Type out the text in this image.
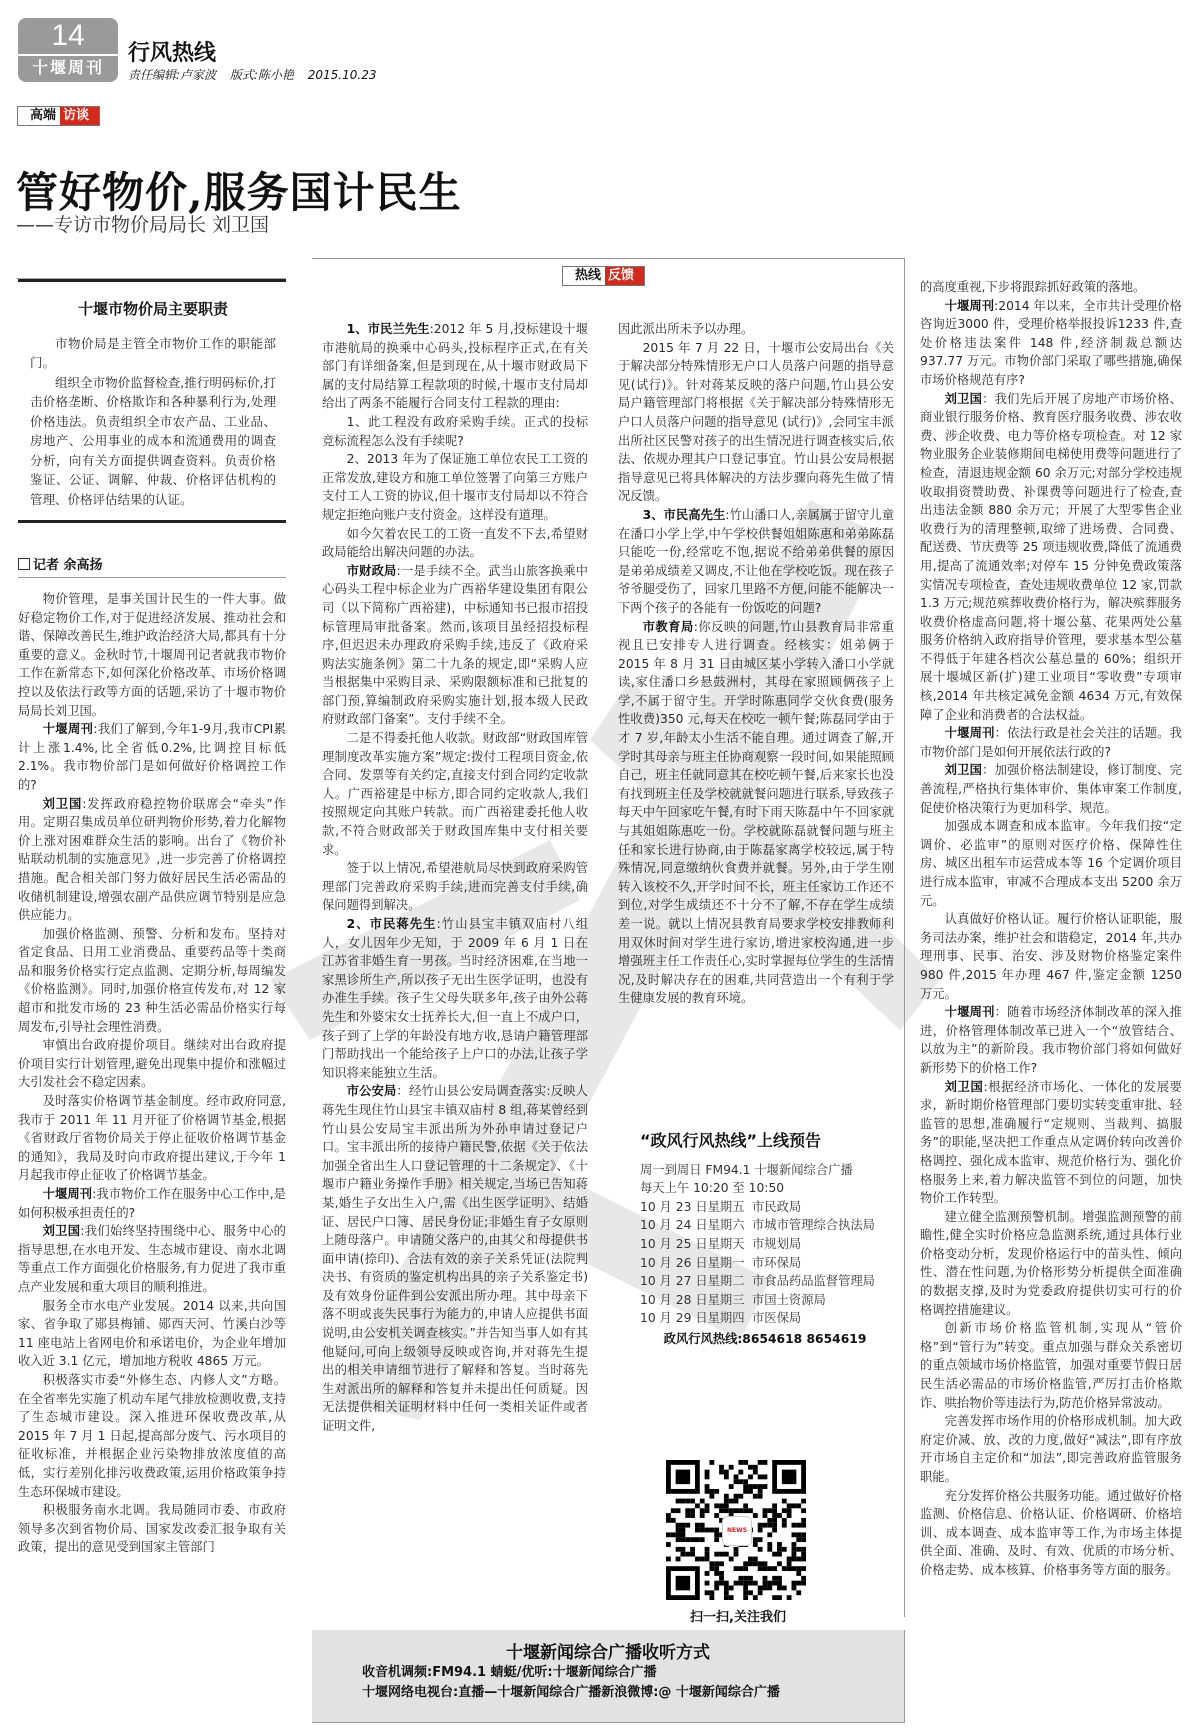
14
十堰周刊
行风热线
责任编辑:卢家波 版式:陈小艳 2015.10.23
高端 访谈
管好物价,服务国计民生
——专访市物价局局长 刘卫国
十堰市物价局主要职责

市物价局是主管全市物价工作的职能部门。

组织全市物价监督检查,推行明码标价,打击价格垄断、价格欺诈和各种暴利行为,处理价格违法。负责组织全市农产品、工业品、房地产、公用事业的成本和流通费用的调查分析，向有关方面提供调查资料。负责价格鉴证、公证、调解、仲裁、价格评估机构的管理、价格评估结果的认证。

记者 余高扬

物价管理，是事关国计民生的一件大事。做好稳定物价工作,对于促进经济发展、推动社会和谐、保障改善民生,维护政治经济大局,都具有十分重要的意义。金秋时节,十堰周刊记者就我市物价工作在新常态下,如何深化价格改革、市场价格调控以及依法行政等方面的话题,采访了十堰市物价局局长刘卫国。

十堰周刊:我们了解到,今年1-9月,我市CPI累计上涨1.4%,比全省低0.2%,比调控目标低2.1%。我市物价部门是如何做好价格调控工作的?

刘卫国:发挥政府稳控物价联席会“牵头”作用。定期召集成员单位研判物价形势,着力化解物价上涨对困难群众生活的影响。出台了《物价补贴联动机制的实施意见》,进一步完善了价格调控措施。配合相关部门努力做好居民生活必需品的收储机制建设,增强农副产品供应调节特别是应急供应能力。

加强价格监测、预警、分析和发布。坚持对省定食品、日用工业消费品、重要药品等十类商品和服务价格实行定点监测、定期分析,每周编发《价格监测》。同时,加强价格宣传发布,对 12 家超市和批发市场的 23 种生活必需品价格实行每周发布,引导社会理性消费。

审慎出台政府提价项目。继续对出台政府提价项目实行计划管理,避免出现集中提价和涨幅过大引发社会不稳定因素。

及时落实价格调节基金制度。经市政府同意,我市于 2011 年 11 月开征了价格调节基金,根据《省财政厅省物价局关于停止征收价格调节基金的通知》，我局及时向市政府提出建议,于今年 1 月起我市停止征收了价格调节基金。

十堰周刊:我市物价工作在服务中心工作中,是如何积极承担责任的?

刘卫国:我们始终坚持围绕中心、服务中心的指导思想,在水电开发、生态城市建设、南水北调等重点工作方面强化价格服务,有力促进了我市重点产业发展和重大项目的顺利推进。

服务全市水电产业发展。2014 以来,共向国家、省争取了郧县梅铺、郧西天河、竹溪白沙等 11 座电站上省网电价和承诺电价，为企业年增加收入近 3.1 亿元，增加地方税收 4865 万元。

积极落实市委“外修生态、内修人文”方略。在全省率先实施了机动车尾气排放检测收费,支持了生态城市建设。深入推进环保收费改革,从 2015 年 7 月 1 日起,提高部分废气、污水项目的征收标准，并根据企业污染物排放浓度值的高低，实行差别化排污收费政策,运用价格政策争持生态环保城市建设。

积极服务南水北调。我局随同市委、市政府领导多次到省物价局、国家发改委汇报争取有关政策，提出的意见受到国家主管部门

热线 反馈

1、市民兰先生:2012 年 5 月,投标建设十堰市港航局的换乘中心码头,投标程序正式,在有关部门有详细备案,但是到现在,从十堰市财政局下属的支付局结算工程款项的时候,十堰市支付局却给出了两条不能履行合同支付工程款的理由:

1、此工程没有政府采购手续。正式的投标竞标流程怎么没有手续呢?

2、2013 年为了保证施工单位农民工工资的正常发放,建设方和施工单位签署了向第三方账户支付工人工资的协议,但十堰市支付局却以不符合规定拒绝向账户支付资金。这样没有道理。

如今欠着农民工的工资一直发不下去,希望财政局能给出解决问题的办法。

市财政局:一是手续不全。武当山旅客换乘中心码头工程中标企业为广西裕华建设集团有限公司（以下简称广西裕建)，中标通知书已报市招投标管理局审批备案。然而,该项目虽经招投标程序,但迟迟未办理政府采购手续,违反了《政府采购法实施条例》第二十九条的规定,即“采购人应当根据集中采购目录、采购限额标准和已批复的部门预,算编制政府采购实施计划,报本级人民政府财政部门备案”。支付手续不全。

二是不得委托他人收款。财政部“财政国库管理制度改革实施方案”规定:拨付工程项目资金,依合同、发票等有关约定,直接支付到合同约定收款人。广西裕建是中标方,即合同约定收款人,我们按照规定向其账户转款。而广西裕建委托他人收款,不符合财政部关于财政国库集中支付相关要求。

签于以上情况,希望港航局尽快到政府采购管理部门完善政府采购手续,进而完善支付手续,确保问题得到解决。

2、市民蒋先生:竹山县宝丰镇双庙村八组人，女儿因年少无知，于 2009 年 6 月 1 日在江苏省非婚生育一男孩。当时经济困难,在当地一家黑诊所生产,所以孩子无出生医学证明，也没有办准生手续。孩子生父母失联多年,孩子由外公蒋先生和外婆宋女士抚养长大,但一直上不成户口，孩子到了上学的年龄没有地方收,恳请户籍管理部门帮助找出一个能给孩子上户口的办法,让孩子学知识将来能独立生活。

市公安局：经竹山县公安局调查落实:反映人蒋先生现住竹山县宝丰镇双庙村 8 组,蒋某曾经到竹山县公安局宝丰派出所为外孙申请过登记户口。宝丰派出所的接待户籍民警,依据《关于依法加强全省出生人口登记管理的十二条规定》、《十堰市户籍业务操作手册》相关规定,当场已告知蒋某,婚生子女出生入户,需《出生医学证明》、结婚证、居民户口簿、居民身份证;非婚生育子女原则上随母落户。申请随父落户的,由其父和母提供书面申请(捺印)、合法有效的亲子关系凭证(法院判决书、有资质的鉴定机构出具的亲子关系鉴定书)及有效身份证件到公安派出所办理。其中母亲下落不明或丧失民事行为能力的,申请人应提供书面说明,由公安机关调查核实。”并告知当事人如有其他疑问,可向上级领导反映或咨询,并对蒋先生提出的相关申请细节进行了解释和答复。当时蒋先生对派出所的解释和答复并未提出任何质疑。因无法提供相关证明材料中任何一类相关证件或者证明文件,

因此派出所未予以办理。

2015 年 7 月 22 日，十堰市公安局出台《关于解决部分特殊情形无户口人员落户问题的指导意见(试行)》。针对蒋某反映的落户问题,竹山县公安局户籍管理部门将根据《关于解决部分特殊情形无户口人员落户问题的指导意见 (试行)》,会同宝丰派出所社区民警对孩子的出生情况进行调查核实后,依法、依规办理其户口登记事宜。竹山县公安局根据指导意见已将具体解决的方法步骤向蒋先生做了情况反馈。

3、市民高先生:竹山潘口人,亲属属于留守儿童在潘口小学上学,中午学校供餐姐姐陈惠和弟弟陈磊只能吃一份,经常吃不饱,据说不给弟弟供餐的原因是弟弟成绩差又调皮,不让他在学校吃饭。现在孩子爷爷腿受伤了，回家几里路不方便,问能不能解决一下两个孩子的各能有一份饭吃的问题?

市教育局:你反映的问题,竹山县教育局非常重视且已安排专人进行调查。经核实：姐弟俩于 2015 年 8 月 31 日由城区某小学转入潘口小学就读,家住潘口乡悬鼓洲村，其母在家照顾俩孩子上学,不属于留守生。开学时陈惠同学交伙食费(服务性收费)350 元,每天在校吃一顿午餐;陈磊同学由于才 7 岁,年龄太小生活不能自理。通过调查了解,开学时其母亲与班主任协商观察一段时间,如果能照顾自己，班主任就同意其在校吃顿午餐,后来家长也没有找到班主任及学校就就餐问题进行联系,导致孩子每天中午回家吃午餐,有时下雨天陈磊中午不回家就与其姐姐陈惠吃一份。学校就陈磊就餐问题与班主任和家长进行协商,由于陈磊家离学校较远,属于特殊情况,同意缴纳伙食费并就餐。另外,由于学生刚转入该校不久,开学时间不长，班主任家访工作还不到位,对学生成绩还不十分不了解,不存在学生成绩差一说。就以上情况县教育局要求学校安排教师利用双休时间对学生进行家访,增进家校沟通,进一步增强班主任工作责任心,实时掌握每位学生的生活情况,及时解决存在的困难,共同营造出一个有利于学生健康发展的教育环境。

“政风行风热线”上线预告
周一到周日 FM94.1 十堰新闻综合广播
每天上午 10:20 至 10:50
10 月 23 日星期五 市民政局
10 月 24 日星期六 市城市管理综合执法局
10 月 25 日星期天 市规划局
10 月 26 日星期一 市环保局
10 月 27 日星期二 市食品药品监督管理局
10 月 28 日星期三 市国土资源局
10 月 29 日星期四 市医保局
政风行风热线:8654618 8654619
NEWS
扫一扫,关注我们
十堰新闻综合广播收听方式
收音机调频:FM94.1 蜻蜓/优听:十堰新闻综合广播
十堰网络电视台:直播—十堰新闻综合广播新浪微博:@ 十堰新闻综合广播

的高度重视,下步将跟踪抓好政策的落地。

十堰周刊:2014 年以来，全市共计受理价格咨询近3000 件，受理价格举报投诉1233 件,查处价格违法案件 148 件,经济制裁总额达 937.77 万元。市物价部门采取了哪些措施,确保市场价格规范有序?

刘卫国：我们先后开展了房地产市场价格、商业银行服务价格、教育医疗服务收费、涉农收费、涉企收费、电力等价格专项检查。对 12 家物业服务企业装修期间电梯使用费等问题进行了检查，清退违规金额 60 余万元;对部分学校违规收取捐资赞助费、补课费等问题进行了检查,查出违法金额 880 余万元；开展了大型零售企业收费行为的清理整顿,取缔了进场费、合同费、配送费、节庆费等 25 项违规收费,降低了流通费用,提高了流通效率;对停车 15 分钟免费政策落实情况专项检查，查处违规收费单位 12 家,罚款 1.3 万元;规范殡葬收费价格行为，解决殡葬服务收费价格虚高问题,将十堰公墓、花果两处公墓服务价格纳入政府指导价管理，要求基本型公墓不得低于年建各档次公墓总量的 60%；组织开展十堰城区新(扩)建工业项目“零收费”专项审核,2014 年共核定减免金额 4634 万元,有效保障了企业和消费者的合法权益。

十堰周刊：依法行政是社会关注的话题。我市物价部门是如何开展依法行政的?

刘卫国：加强价格法制建设，修订制度、完善流程,严格执行集体审价、集体审案工作制度,促使价格决策行为更加科学、规范。

加强成本调查和成本监审。今年我们按“定调价、必监审”的原则对医疗价格、保障性住房、城区出租车市运营成本等 16 个定调价项目进行成本监审，审减不合理成本支出 5200 余万元。

认真做好价格认证。履行价格认证职能，服务司法办案，维护社会和谐稳定，2014 年,共办理刑事、民事、治安、涉及财物价格鉴定案件 980 件,2015 年办理 467 件,鉴定金额 1250 万元。

十堰周刊：随着市场经济体制改革的深入推进，价格管理体制改革已进入一个“放管结合、以放为主”的新阶段。我市物价部门将如何做好新形势下的价格工作?

刘卫国:根据经济市场化、一体化的发展要求，新时期价格管理部门要切实转变重审批、轻监管的思想,准确履行“定规则、当裁判、搞服务”的职能,坚决把工作重点从定调价转向改善价格调控、强化成本监审、规范价格行为、强化价格服务上来,着力解决监管不到位的问题，加快物价工作转型。

建立健全监测预警机制。增强监测预警的前瞻性,健全实时价格应急监测系统,通过具体行业价格变动分析，发现价格运行中的苗头性、倾向性、潜在性问题,为价格形势分析提供全面准确的数据支撑,及时为党委政府提供切实可行的价格调控措施建议。

创新市场价格监管机制,实现从“管价格”到“管行为”转变。重点加强与群众关系密切的重点领域市场价格监管，加强对重要节假日居民生活必需品的市场价格监管,严厉打击价格欺诈、哄抬物价等违法行为,防范价格异常波动。

完善发挥市场作用的价格形成机制。加大政府定价减、放、改的力度,做好“减法”,即有序放开市场自主定价和“加法”,即完善政府监管服务职能。

充分发挥价格公共服务功能。通过做好价格监测、价格信息、价格认证、价格调研、价格培训、成本调查、成本监审等工作,为市场主体提供全面、准确、及时、有效、优质的市场分析、价格走势、成本核算、价格事务等方面的服务。
